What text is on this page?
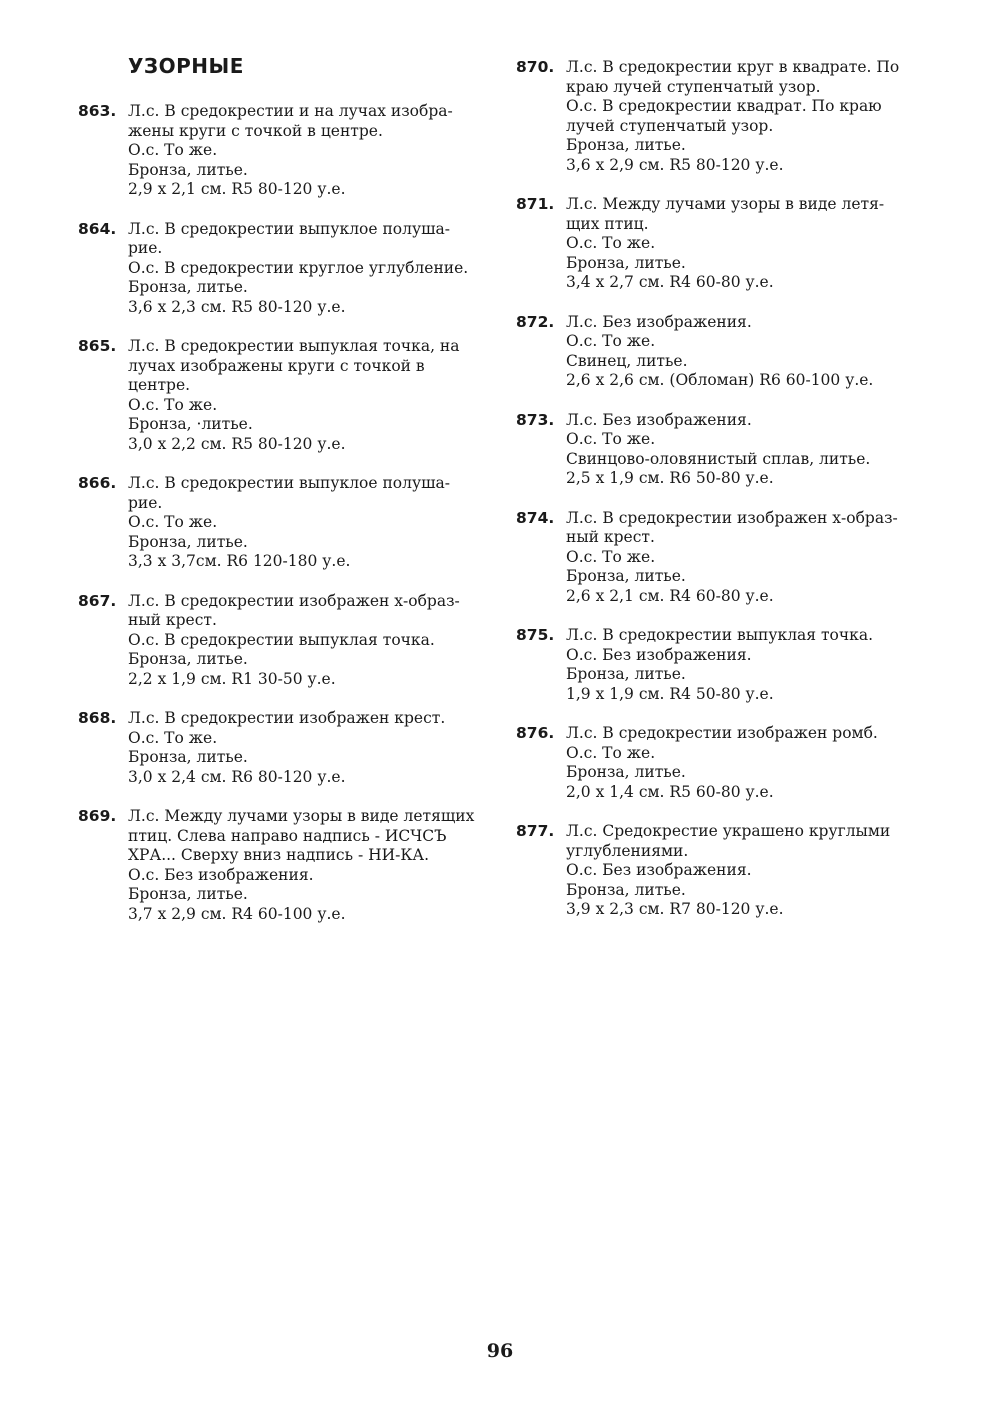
УЗОРНЫЕ
863. Л.с. В средокрестии и на лучах изобра-
жены круги с точкой в центре.
О.с. То же.
Бронза, литье.
2,9 х 2,1 см. R5 80-120 у.е.
864. Л.с. В средокрестии выпуклое полуша-
рие.
О.с. В средокрестии круглое углубление.
Бронза, литье.
3,6 х 2,3 см. R5 80-120 у.е.
865. Л.с. В средокрестии выпуклая точка, на
лучах изображены круги с точкой в
центре.
О.с. То же.
Бронза, ·литье.
3,0 х 2,2 см. R5 80-120 у.е.
866. Л.с. В средокрестии выпуклое полуша-
рие.
О.с. То же.
Бронза, литье.
3,3 х 3,7см. R6 120-180 у.е.
867. Л.с. В средокрестии изображен х-образ-
ный крест.
О.с. В средокрестии выпуклая точка.
Бронза, литье.
2,2 х 1,9 см. R1 30-50 у.е.
868. Л.с. В средокрестии изображен крест.
О.с. То же.
Бронза, литье.
3,0 х 2,4 см. R6 80-120 у.е.
869. Л.с. Между лучами узоры в виде летящих
птиц. Слева направо надпись - ИСЧСЪ
ХРА... Сверху вниз надпись - НИ-КА.
О.с. Без изображения.
Бронза, литье.
3,7 х 2,9 см. R4 60-100 у.е.
870. Л.с. В средокрестии круг в квадрате. По
краю лучей ступенчатый узор.
О.с. В средокрестии квадрат. По краю
лучей ступенчатый узор.
Бронза, литье.
3,6 х 2,9 см. R5 80-120 у.е.
871. Л.с. Между лучами узоры в виде летя-
щих птиц.
О.с. То же.
Бронза, литье.
3,4 х 2,7 см. R4 60-80 у.е.
872. Л.с. Без изображения.
О.с. То же.
Свинец, литье.
2,6 х 2,6 см. (Обломан) R6 60-100 у.е.
873. Л.с. Без изображения.
О.с. То же.
Свинцово-оловянистый сплав, литье.
2,5 х 1,9 см. R6 50-80 у.е.
874. Л.с. В средокрестии изображен х-образ-
ный крест.
О.с. То же.
Бронза, литье.
2,6 х 2,1 см. R4 60-80 у.е.
875. Л.с. В средокрестии выпуклая точка.
О.с. Без изображения.
Бронза, литье.
1,9 х 1,9 см. R4 50-80 у.е.
876. Л.с. В средокрестии изображен ромб.
О.с. То же.
Бронза, литье.
2,0 х 1,4 см. R5 60-80 у.е.
877. Л.с. Средокрестие украшено круглыми
углублениями.
О.с. Без изображения.
Бронза, литье.
3,9 х 2,3 см. R7 80-120 у.е.
96
